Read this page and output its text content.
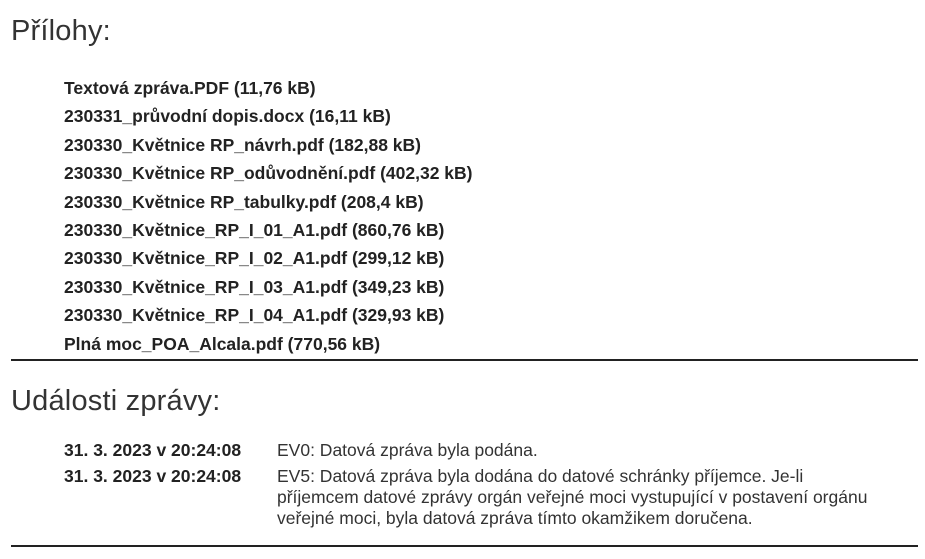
Přílohy:
Textová zpráva.PDF (11,76 kB)
230331_průvodní dopis.docx (16,11 kB)
230330_Květnice RP_návrh.pdf (182,88 kB)
230330_Květnice RP_odůvodnění.pdf (402,32 kB)
230330_Květnice RP_tabulky.pdf (208,4 kB)
230330_Květnice_RP_I_01_A1.pdf (860,76 kB)
230330_Květnice_RP_I_02_A1.pdf (299,12 kB)
230330_Květnice_RP_I_03_A1.pdf (349,23 kB)
230330_Květnice_RP_I_04_A1.pdf (329,93 kB)
Plná moc_POA_Alcala.pdf (770,56 kB)
Události zprávy:
31. 3. 2023 v 20:24:08	EV0: Datová zpráva byla podána.
31. 3. 2023 v 20:24:08	EV5: Datová zpráva byla dodána do datové schránky příjemce. Je-li příjemcem datové zprávy orgán veřejné moci vystupující v postavení orgánu veřejné moci, byla datová zpráva tímto okamžikem doručena.
